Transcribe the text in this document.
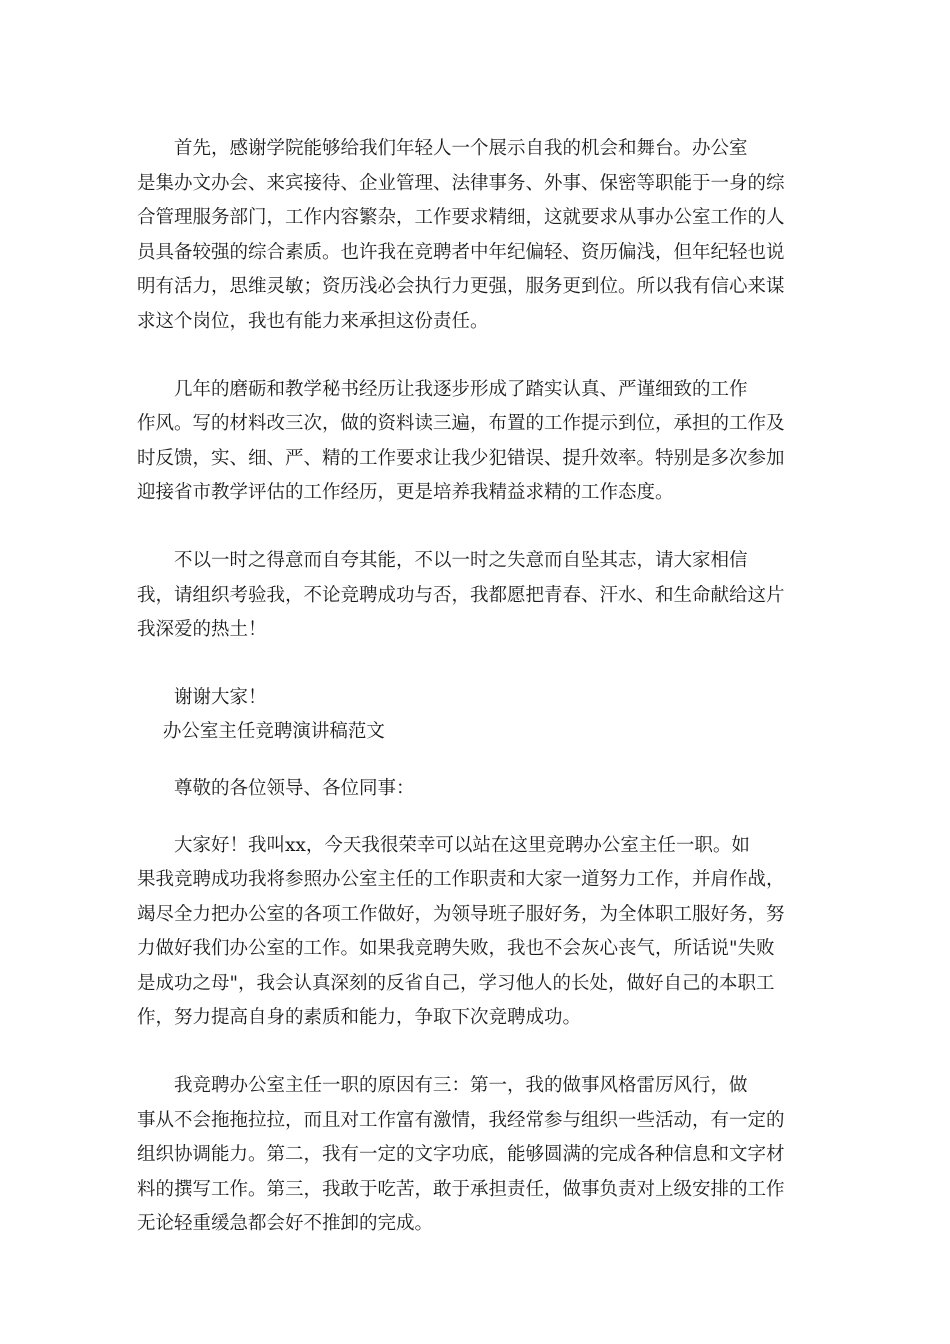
首先，感谢学院能够给我们年轻人一个展示自我的机会和舞台。办公室
是集办文办会、来宾接待、企业管理、法律事务、外事、保密等职能于一身的综
合管理服务部门，工作内容繁杂，工作要求精细，这就要求从事办公室工作的人
员具备较强的综合素质。也许我在竞聘者中年纪偏轻、资历偏浅，但年纪轻也说
明有活力，思维灵敏；资历浅必会执行力更强，服务更到位。所以我有信心来谋
求这个岗位，我也有能力来承担这份责任。

几年的磨砺和教学秘书经历让我逐步形成了踏实认真、严谨细致的工作
作风。写的材料改三次，做的资料读三遍，布置的工作提示到位，承担的工作及
时反馈，实、细、严、精的工作要求让我少犯错误、提升效率。特别是多次参加
迎接省市教学评估的工作经历，更是培养我精益求精的工作态度。

不以一时之得意而自夸其能，不以一时之失意而自坠其志，请大家相信
我，请组织考验我，不论竞聘成功与否，我都愿把青春、汗水、和生命献给这片
我深爱的热土！

谢谢大家！

办公室主任竞聘演讲稿范文

尊敬的各位领导、各位同事：

大家好！我叫xx，今天我很荣幸可以站在这里竞聘办公室主任一职。如
果我竞聘成功我将参照办公室主任的工作职责和大家一道努力工作，并肩作战，
竭尽全力把办公室的各项工作做好，为领导班子服好务，为全体职工服好务，努
力做好我们办公室的工作。如果我竞聘失败，我也不会灰心丧气，所话说"失败
是成功之母"，我会认真深刻的反省自己，学习他人的长处，做好自己的本职工
作，努力提高自身的素质和能力，争取下次竞聘成功。

我竞聘办公室主任一职的原因有三：第一，我的做事风格雷厉风行，做
事从不会拖拖拉拉，而且对工作富有激情，我经常参与组织一些活动，有一定的
组织协调能力。第二，我有一定的文字功底，能够圆满的完成各种信息和文字材
料的撰写工作。第三，我敢于吃苦，敢于承担责任，做事负责对上级安排的工作
无论轻重缓急都会好不推卸的完成。
